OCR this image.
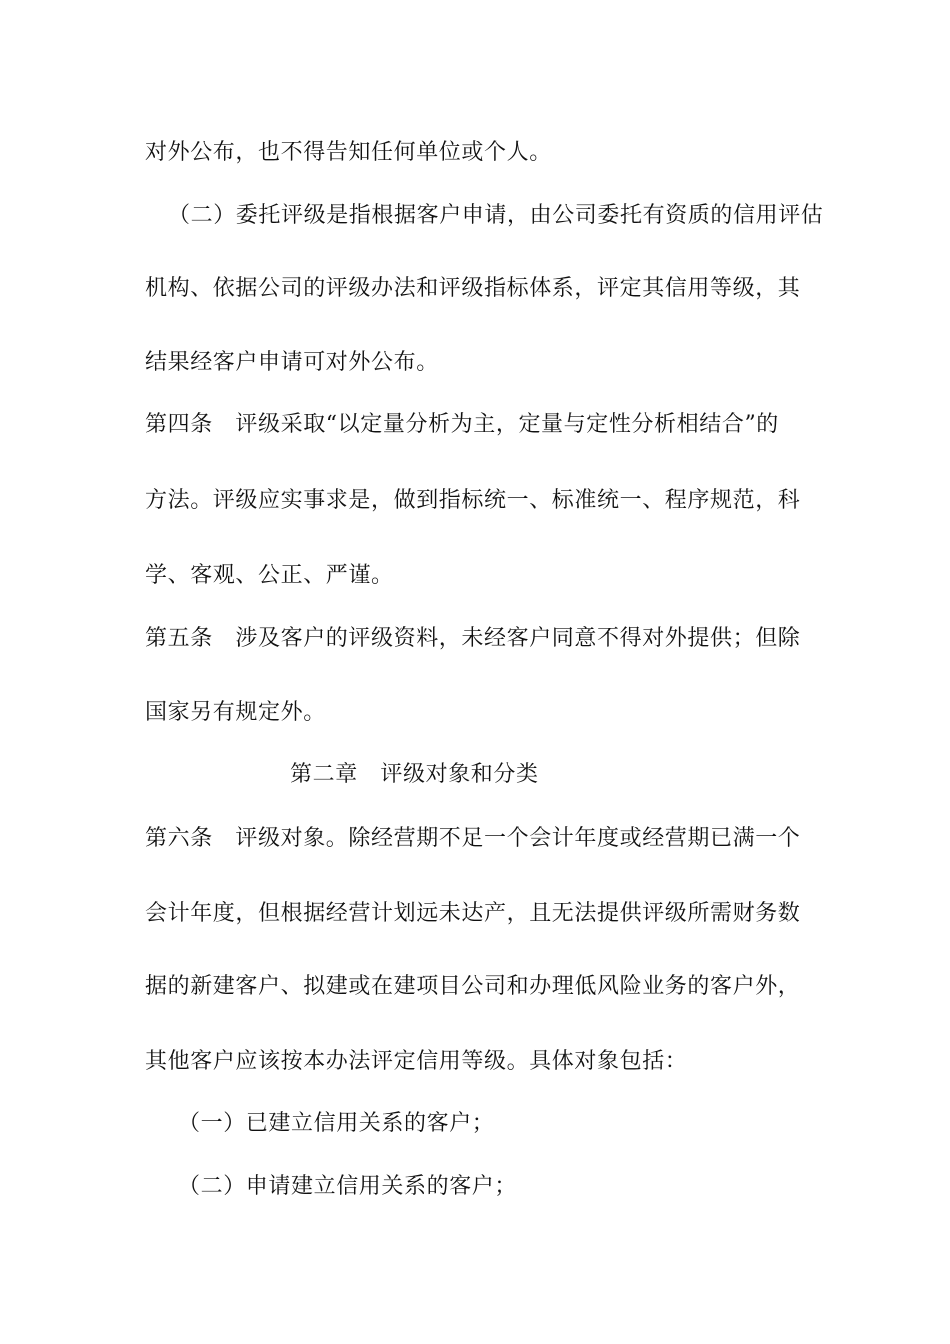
对外公布，也不得告知任何单位或个人。

（二）委托评级是指根据客户申请，由公司委托有资质的信用评估

机构、依据公司的评级办法和评级指标体系，评定其信用等级，其

结果经客户申请可对外公布。

第四条　评级采取“以定量分析为主，定量与定性分析相结合”的

方法。评级应实事求是，做到指标统一、标准统一、程序规范，科

学、客观、公正、严谨。

第五条　涉及客户的评级资料，未经客户同意不得对外提供；但除

国家另有规定外。

第二章　评级对象和分类

第六条　评级对象。除经营期不足一个会计年度或经营期已满一个

会计年度，但根据经营计划远未达产，且无法提供评级所需财务数

据的新建客户、拟建或在建项目公司和办理低风险业务的客户外，

其他客户应该按本办法评定信用等级。具体对象包括：

（一）已建立信用关系的客户；

（二）申请建立信用关系的客户；
